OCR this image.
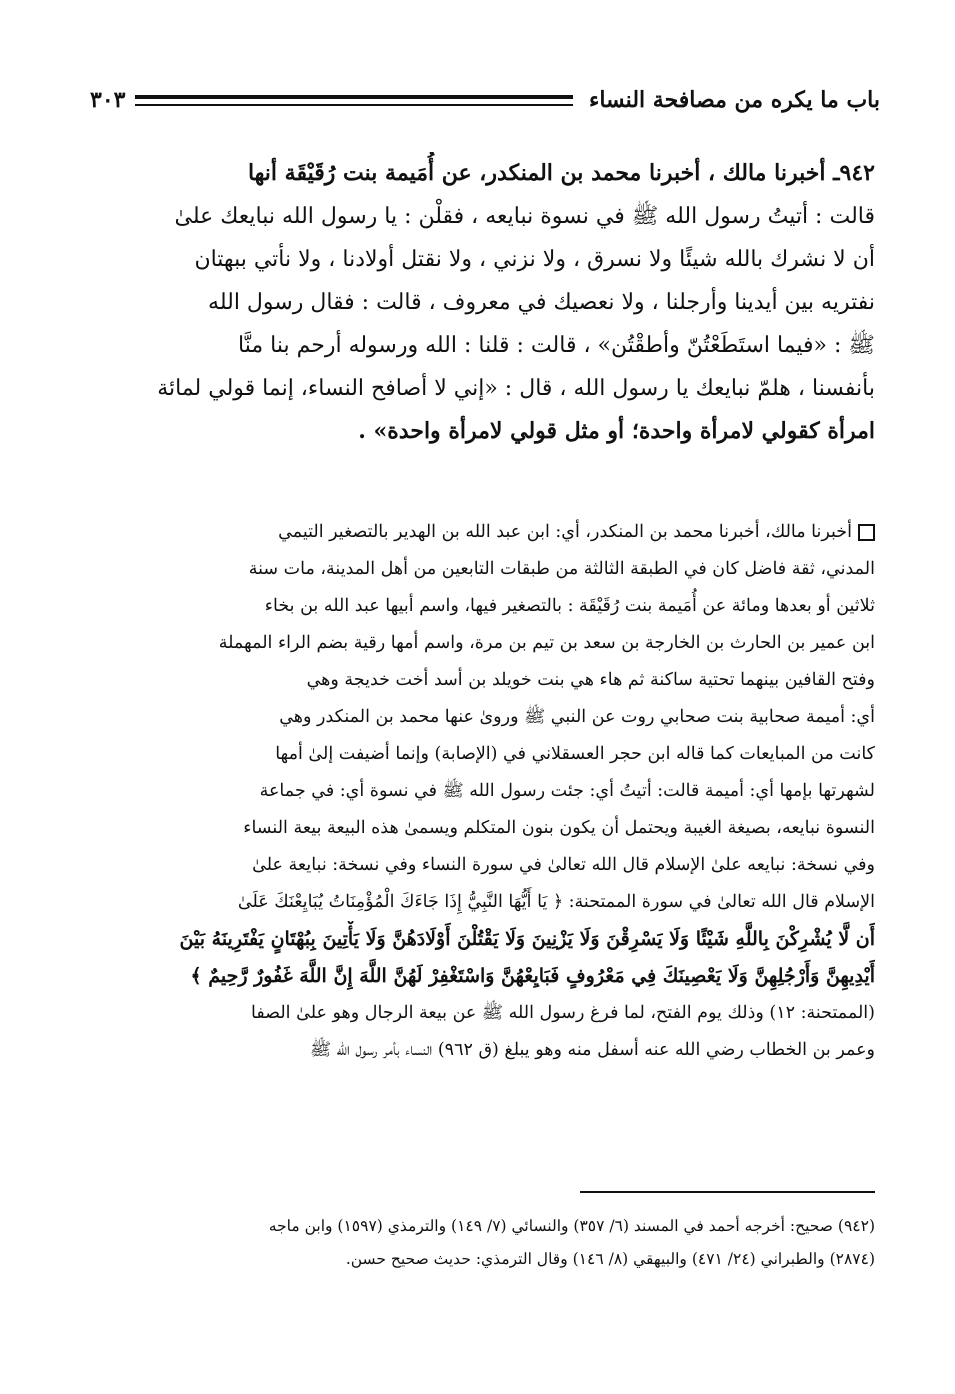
باب ما يكره من مصافحة النساء
٣٠٣
٩٤٢ـ أخبرنا مالك ، أخبرنا محمد بن المنكدر، عن أُمَيمة بنت رُقَيْقَة أنها
قالت : أتيتُ رسول الله ﷺ في نسوة نبايعه ، فقلْن : يا رسول الله نبايعك علىٰ
أن لا نشرك بالله شيئًا ولا نسرق ، ولا نزني ، ولا نقتل أولادنا ، ولا نأتي ببهتان
نفتريه بين أيدينا وأرجلنا ، ولا نعصيك في معروف ، قالت : فقال رسول الله
ﷺ : «فيما استَطَعْتُنّ وأطقْتُن» ، قالت : قلنا : الله ورسوله أرحم بنا منَّا
بأنفسنا ، هلمّ نبايعك يا رسول الله ، قال : «إني لا أصافح النساء، إنما قولي لمائة
امرأة كقولي لامرأة واحدة؛ أو مثل قولي لامرأة واحدة» .
أخبرنا مالك، أخبرنا محمد بن المنكدر، أي: ابن عبد الله بن الهدير بالتصغير التيمي
المدني، ثقة فاضل كان في الطبقة الثالثة من طبقات التابعين من أهل المدينة، مات سنة
ثلاثين أو بعدها ومائة عن أُمَيمة بنت رُقَيْقَة : بالتصغير فيها، واسم أبيها عبد الله بن بخاء
ابن عمير بن الحارث بن الخارجة بن سعد بن تيم بن مرة، واسم أمها رقية بضم الراء المهملة
وفتح القافين بينهما تحتية ساكنة ثم هاء هي بنت خويلد بن أسد أخت خديجة وهي
أي: أميمة صحابية بنت صحابي روت عن النبي ﷺ وروىٰ عنها محمد بن المنكدر وهي
كانت من المبايعات كما قاله ابن حجر العسقلاني في (الإصابة) وإنما أضيفت إلىٰ أمها
لشهرتها بإمها أي: أميمة قالت: أتيتُ أي: جئت رسول الله ﷺ في نسوة أي: في جماعة
النسوة نبايعه، بصيغة الغيبة ويحتمل أن يكون بنون المتكلم ويسمىٰ هذه البيعة بيعة النساء
وفي نسخة: نبايعه علىٰ الإسلام قال الله تعالىٰ في سورة النساء وفي نسخة: نبايعة علىٰ
الإسلام قال الله تعالىٰ في سورة الممتحنة: ﴿ يَا أَيُّهَا النَّبِيُّ إِذَا جَاءَكَ الْمُؤْمِنَاتُ يُبَايِعْنَكَ عَلَىٰ
أَن لَّا يُشْرِكْنَ بِاللَّهِ شَيْئًا وَلَا يَسْرِقْنَ وَلَا يَزْنِينَ وَلَا يَقْتُلْنَ أَوْلَادَهُنَّ وَلَا يَأْتِينَ بِبُهْتَانٍ يَفْتَرِينَهُ بَيْنَ
أَيْدِيهِنَّ وَأَرْجُلِهِنَّ وَلَا يَعْصِينَكَ فِي مَعْرُوفٍ فَبَايِعْهُنَّ وَاسْتَغْفِرْ لَهُنَّ اللَّهَ إِنَّ اللَّهَ غَفُورٌ رَّحِيمٌ ﴾
(الممتحنة: ١٢) وذلك يوم الفتح، لما فرغ رسول الله ﷺ عن بيعة الرجال وهو علىٰ الصفا
وعمر بن الخطاب رضي الله عنه أسفل منه وهو يبلغ (ق ٩٦٢) النساء بأمر رسول الله ﷺ
(٩٤٢) صحيح: أخرجه أحمد في المسند (٦/ ٣٥٧) والنسائي (٧/ ١٤٩) والترمذي (١٥٩٧) وابن ماجه
(٢٨٧٤) والطبراني (٢٤/ ٤٧١) والبيهقي (٨/ ١٤٦) وقال الترمذي: حديث صحيح حسن.
